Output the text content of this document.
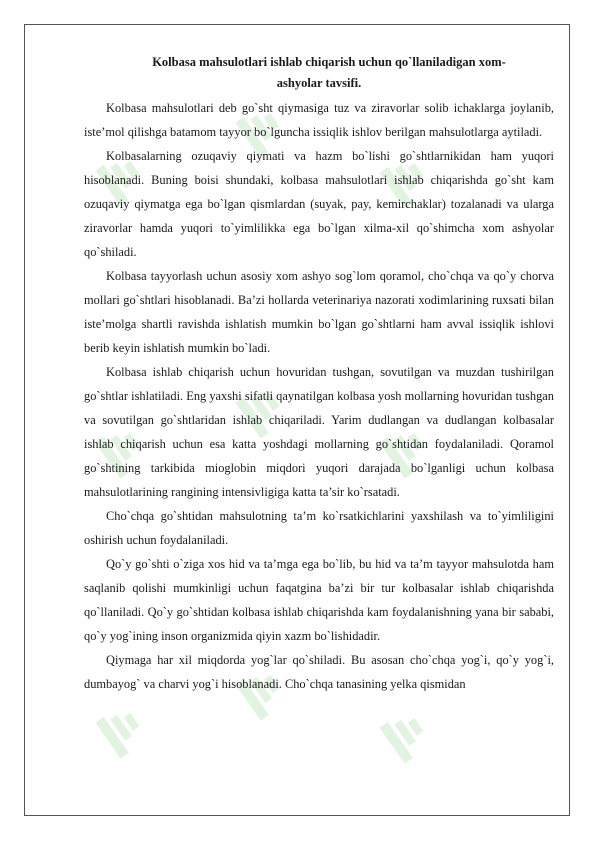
Kolbasa mahsulotlari ishlab chiqarish uchun qo`llaniladigan xom-
ashyolar tavsifi.

Kolbasa mahsulotlari deb go`sht qiymasiga tuz va ziravorlar solib ichaklarga joylanib, iste’mol qilishga batamom tayyor bo`lguncha issiqlik ishlov berilgan mahsulotlarga aytiladi.

Kolbasalarning ozuqaviy qiymati va hazm bo`lishi go`shtlarnikidan ham yuqori hisoblanadi. Buning boisi shundaki, kolbasa mahsulotlari ishlab chiqarishda go`sht kam ozuqaviy qiymatga ega bo`lgan qismlardan (suyak, pay, kemirchaklar) tozalanadi va ularga ziravorlar hamda yuqori to`yimlilikka ega bo`lgan xilma-xil qo`shimcha xom ashyolar qo`shiladi.

Kolbasa tayyorlash uchun asosiy xom ashyo sog`lom qoramol, cho`chqa va qo`y chorva mollari go`shtlari hisoblanadi. Ba’zi hollarda veterinariya nazorati xodimlarining ruxsati bilan iste’molga shartli ravishda ishlatish mumkin bo`lgan go`shtlarni ham avval issiqlik ishlovi berib keyin ishlatish mumkin bo`ladi.

Kolbasa ishlab chiqarish uchun hovuridan tushgan, sovutilgan va muzdan tushirilgan go`shtlar ishlatiladi. Eng yaxshi sifatli qaynatilgan kolbasa yosh mollarning hovuridan tushgan va sovutilgan go`shtlaridan ishlab chiqariladi. Yarim dudlangan va dudlangan kolbasalar ishlab chiqarish uchun esa katta yoshdagi mollarning go`shtidan foydalaniladi. Qoramol go`shtining tarkibida mioglobin miqdori yuqori darajada bo`lganligi uchun kolbasa mahsulotlarining rangining intensivligiga katta ta’sir ko`rsatadi.

Cho`chqa go`shtidan mahsulotning ta’m ko`rsatkichlarini yaxshilash va to`yimliligini oshirish uchun foydalaniladi.

Qo`y go`shti o`ziga xos hid va ta’mga ega bo`lib, bu hid va ta’m tayyor mahsulotda ham saqlanib qolishi mumkinligi uchun faqatgina ba’zi bir tur kolbasalar ishlab chiqarishda qo`llaniladi. Qo`y go`shtidan kolbasa ishlab chiqarishda kam foydalanishning yana bir sababi, qo`y yog`ining inson organizmida qiyin xazm bo`lishidadir.

Qiymaga har xil miqdorda yog`lar qo`shiladi. Bu asosan cho`chqa yog`i, qo`y yog`i, dumbayog` va charvi yog`i hisoblanadi. Cho`chqa tanasining yelka qismidan
